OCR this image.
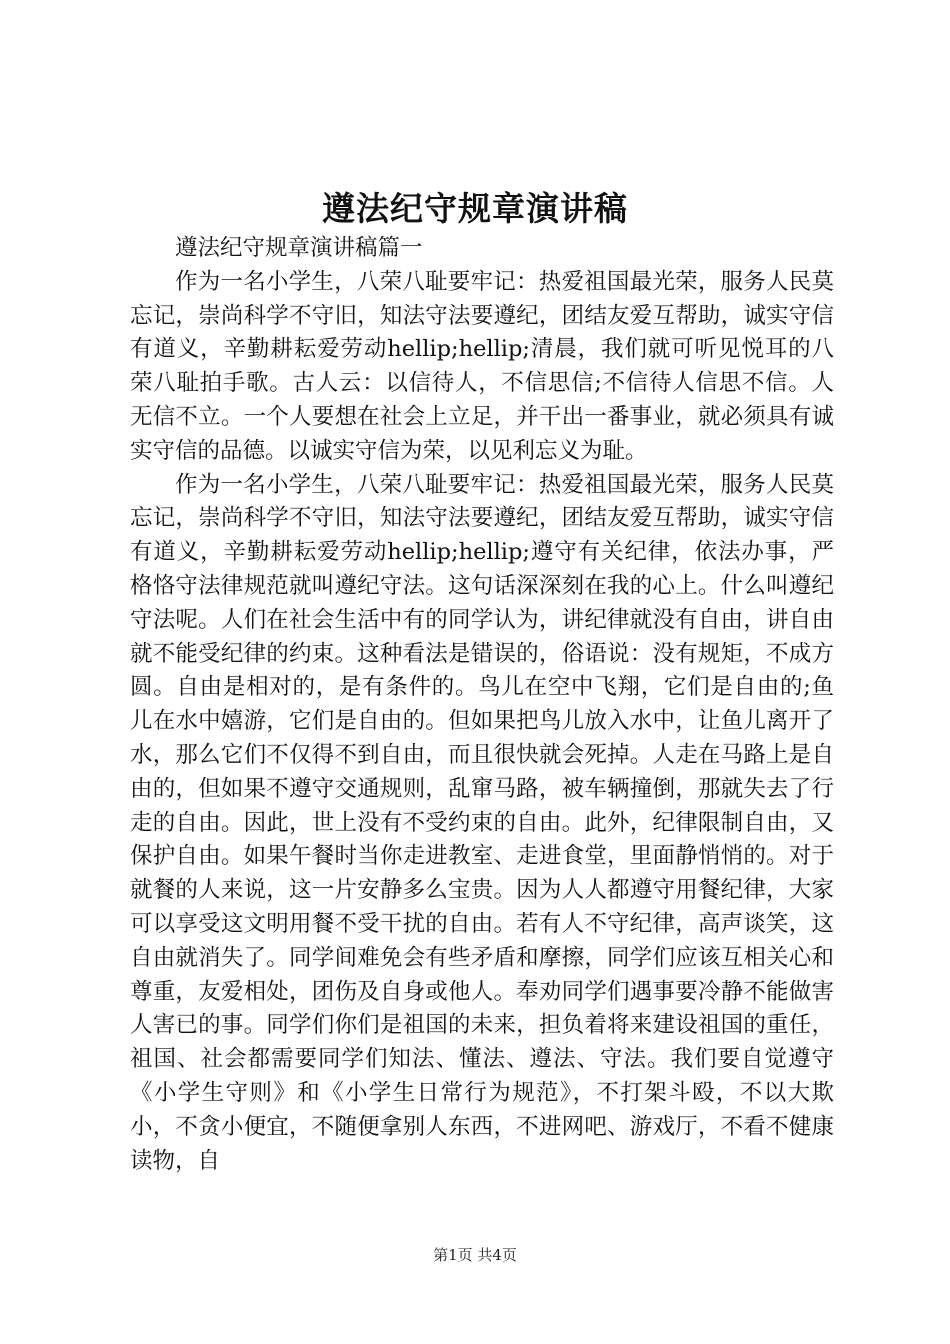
遵法纪守规章演讲稿

遵法纪守规章演讲稿篇一

作为一名小学生，八荣八耻要牢记：热爱祖国最光荣，服务人民莫忘记，崇尚科学不守旧，知法守法要遵纪，团结友爱互帮助，诚实守信有道义，辛勤耕耘爱劳动hellip;hellip;清晨，我们就可听见悦耳的八荣八耻拍手歌。古人云：以信待人，不信思信;不信待人信思不信。人无信不立。一个人要想在社会上立足，并干出一番事业，就必须具有诚实守信的品德。以诚实守信为荣，以见利忘义为耻。

作为一名小学生，八荣八耻要牢记：热爱祖国最光荣，服务人民莫忘记，崇尚科学不守旧，知法守法要遵纪，团结友爱互帮助，诚实守信有道义，辛勤耕耘爱劳动hellip;hellip;遵守有关纪律，依法办事，严格恪守法律规范就叫遵纪守法。这句话深深刻在我的心上。什么叫遵纪守法呢。人们在社会生活中有的同学认为，讲纪律就没有自由，讲自由就不能受纪律的约束。这种看法是错误的，俗语说：没有规矩，不成方圆。自由是相对的，是有条件的。鸟儿在空中飞翔，它们是自由的;鱼儿在水中嬉游，它们是自由的。但如果把鸟儿放入水中，让鱼儿离开了水，那么它们不仅得不到自由，而且很快就会死掉。人走在马路上是自由的，但如果不遵守交通规则，乱窜马路，被车辆撞倒，那就失去了行走的自由。因此，世上没有不受约束的自由。此外，纪律限制自由，又保护自由。如果午餐时当你走进教室、走进食堂，里面静悄悄的。对于就餐的人来说，这一片安静多么宝贵。因为人人都遵守用餐纪律，大家可以享受这文明用餐不受干扰的自由。若有人不守纪律，高声谈笑，这自由就消失了。同学间难免会有些矛盾和摩擦，同学们应该互相关心和尊重，友爱相处，团伤及自身或他人。奉劝同学们遇事要冷静不能做害人害已的事。同学们你们是祖国的未来，担负着将来建设祖国的重任，祖国、社会都需要同学们知法、懂法、遵法、守法。我们要自觉遵守《小学生守则》和《小学生日常行为规范》，不打架斗殴，不以大欺小，不贪小便宜，不随便拿别人东西，不进网吧、游戏厅，不看不健康读物，自

第1页 共4页
